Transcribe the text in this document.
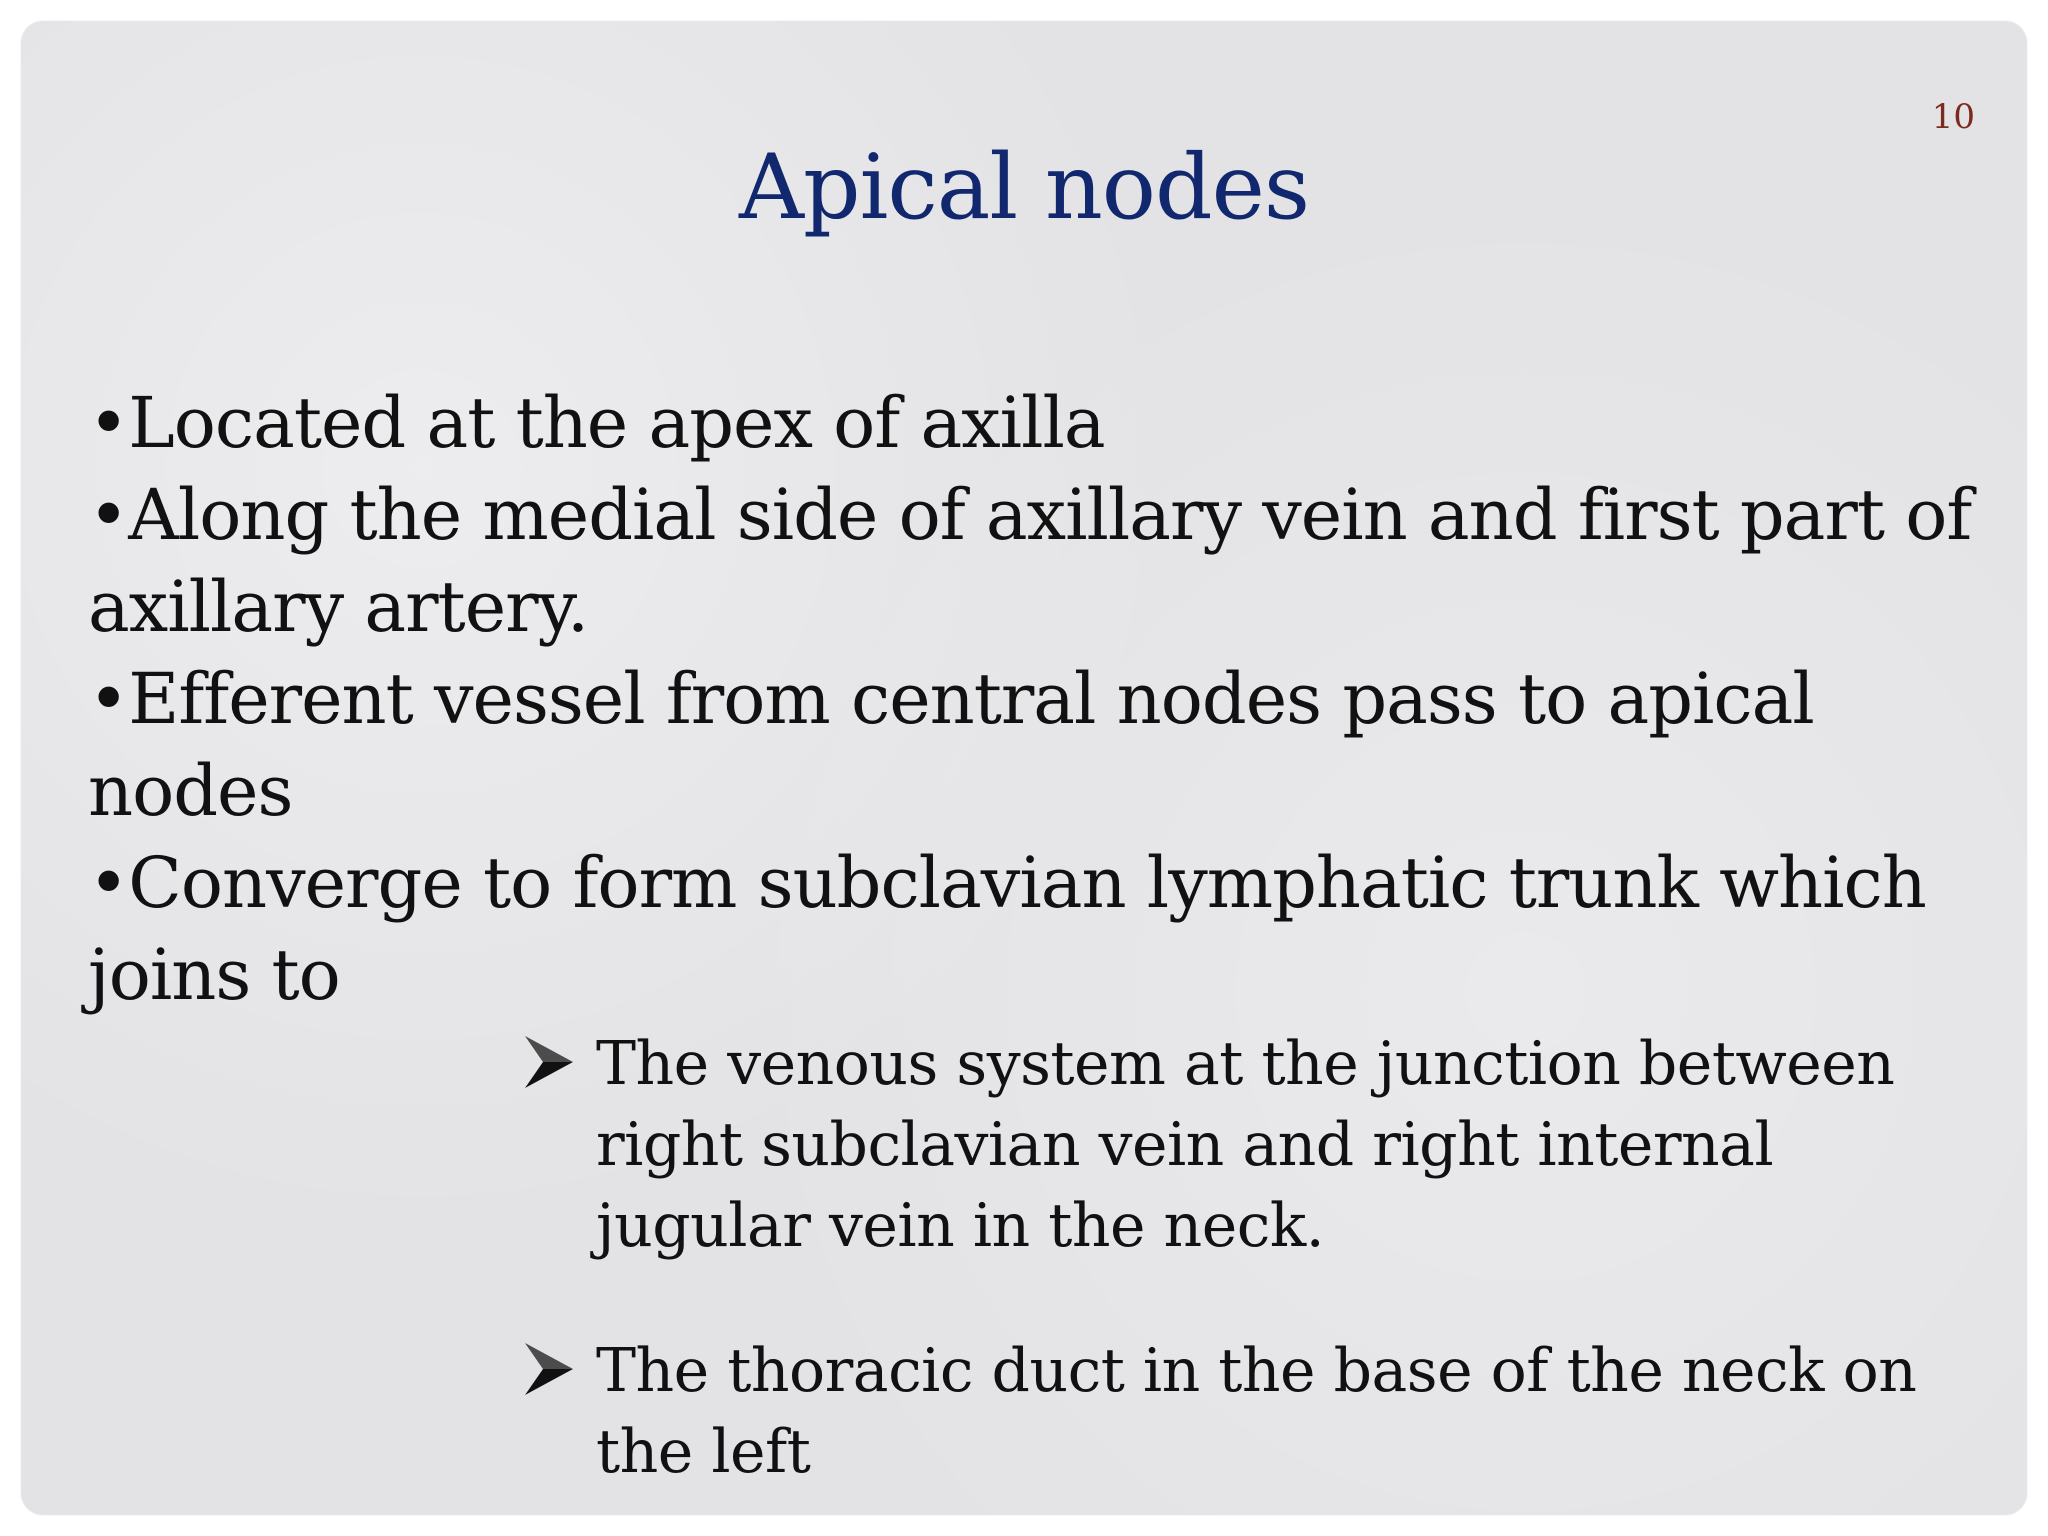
10
Apical nodes

•Located at the apex of axilla

•Along the medial side of axillary vein and first part of axillary artery.

•Efferent vessel from central nodes pass to apical nodes

•Converge to form subclavian lymphatic trunk which joins to

The venous system at the junction between right subclavian vein and right internal jugular vein in the neck.
The thoracic duct in the base of the neck on the left
